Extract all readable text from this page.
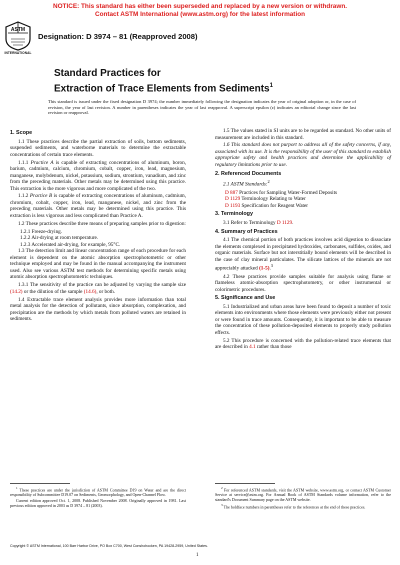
NOTICE: This standard has either been superseded and replaced by a new version or withdrawn.
Contact ASTM International (www.astm.org) for the latest information
ASTM
INTERNATIONAL
Designation: D 3974 – 81 (Reapproved 2008)
Standard Practices for
Extraction of Trace Elements from Sediments$^1$
This standard is issued under the fixed designation D 3974; the number immediately following the designation indicates the year of original adoption or, in the case of revision, the year of last revision. A number in parentheses indicates the year of last reapproval. A superscript epsilon (ε) indicates an editorial change since the last revision or reapproval.

1. Scope

1.1 These practices describe the partial extraction of soils, bottom sediments, suspended sediments, and waterborne materials to determine the extractable concentrations of certain trace elements.

1.1.1 Practice A is capable of extracting concentrations of aluminum, boron, barium, cadmium, calcium, chromium, cobalt, copper, iron, lead, magnesium, manganese, molybdenum, nickel, potassium, sodium, strontium, vanadium, and zinc from the preceding materials. Other metals may be determined using this practice. This extraction is the more vigorous and more complicated of the two.

1.1.2 Practice B is capable of extracting concentrations of aluminum, cadmium, chromium, cobalt, copper, iron, lead, manganese, nickel, and zinc from the preceding materials. Other metals may be determined using this practice. This extraction is less vigorous and less complicated than Practice A.

1.2 These practices describe three means of preparing samples prior to digestion:

1.2.1 Freeze-drying.

1.2.2 Air-drying at room temperature.

1.2.3 Accelerated air-drying, for example, 95°C.

1.3 The detection limit and linear concentration range of each procedure for each element is dependent on the atomic absorption spectrophotometric or other technique employed and may be found in the manual accompanying the instrument used. Also see various ASTM test methods for determining specific metals using atomic absorption spectrophotometric techniques.

1.3.1 The sensitivity of the practice can be adjusted by varying the sample size (14.2) or the dilution of the sample (14.6), or both.

1.4 Extractable trace element analysis provides more information than total metal analysis for the detection of pollutants, since absorption, complexation, and precipitation are the methods by which metals from polluted waters are retained in sediments.

1.5 The values stated in SI units are to be regarded as standard. No other units of measurement are included in this standard.

1.6 This standard does not purport to address all of the safety concerns, if any, associated with its use. It is the responsibility of the user of this standard to establish appropriate safety and health practices and determine the applicability of regulatory limitations prior to use.

2. Referenced Documents

2.1 ASTM Standards:$^2$

D 887 Practices for Sampling Water-Formed Deposits

D 1129 Terminology Relating to Water

D 1193 Specification for Reagent Water

3. Terminology

3.1 Refer to Terminology D 1129.

4. Summary of Practices

4.1 The chemical portion of both practices involves acid digestion to dissociate the elements complexed in precipitated hydroxides, carbonates, sulfides, oxides, and organic materials. Surface but not interstitially bound elements will be described in the case of clay mineral particulates. The silicate lattices of the minerals are not appreciably attacked (1-5).$^3$

4.2 These practices provide samples suitable for analysis using flame or flameless atomic-absorption spectrophotometry, or other instrumental or colorimetric procedures.

5. Significance and Use

5.1 Industrialized and urban areas have been found to deposit a number of toxic elements into environments where those elements were previously either not present or were found in trace amounts. Consequently, it is important to be able to measure the concentration of these pollution-deposited elements to properly study pollution effects.

5.2 This procedure is concerned with the pollution-related trace elements that are described in 4.1 rather than those

$^1$ These practices are under the jurisdiction of ASTM Committee D19 on Water and are the direct responsibility of Subcommittee D19.07 on Sediments, Geomorphology, and Open-Channel Flow.

Current edition approved Oct. 1, 2008. Published November 2008. Originally approved in 1981. Last previous edition approved in 2003 as D 3974 – 81 (2003).

$^2$ For referenced ASTM standards, visit the ASTM website, www.astm.org, or contact ASTM Customer Service at service@astm.org. For Annual Book of ASTM Standards volume information, refer to the standard's Document Summary page on the ASTM website.

$^3$ The boldface numbers in parentheses refer to the references at the end of these practices.

Copyright © ASTM International, 100 Barr Harbor Drive, PO Box C700, West Conshohocken, PA 19428-2959, United States.
1
